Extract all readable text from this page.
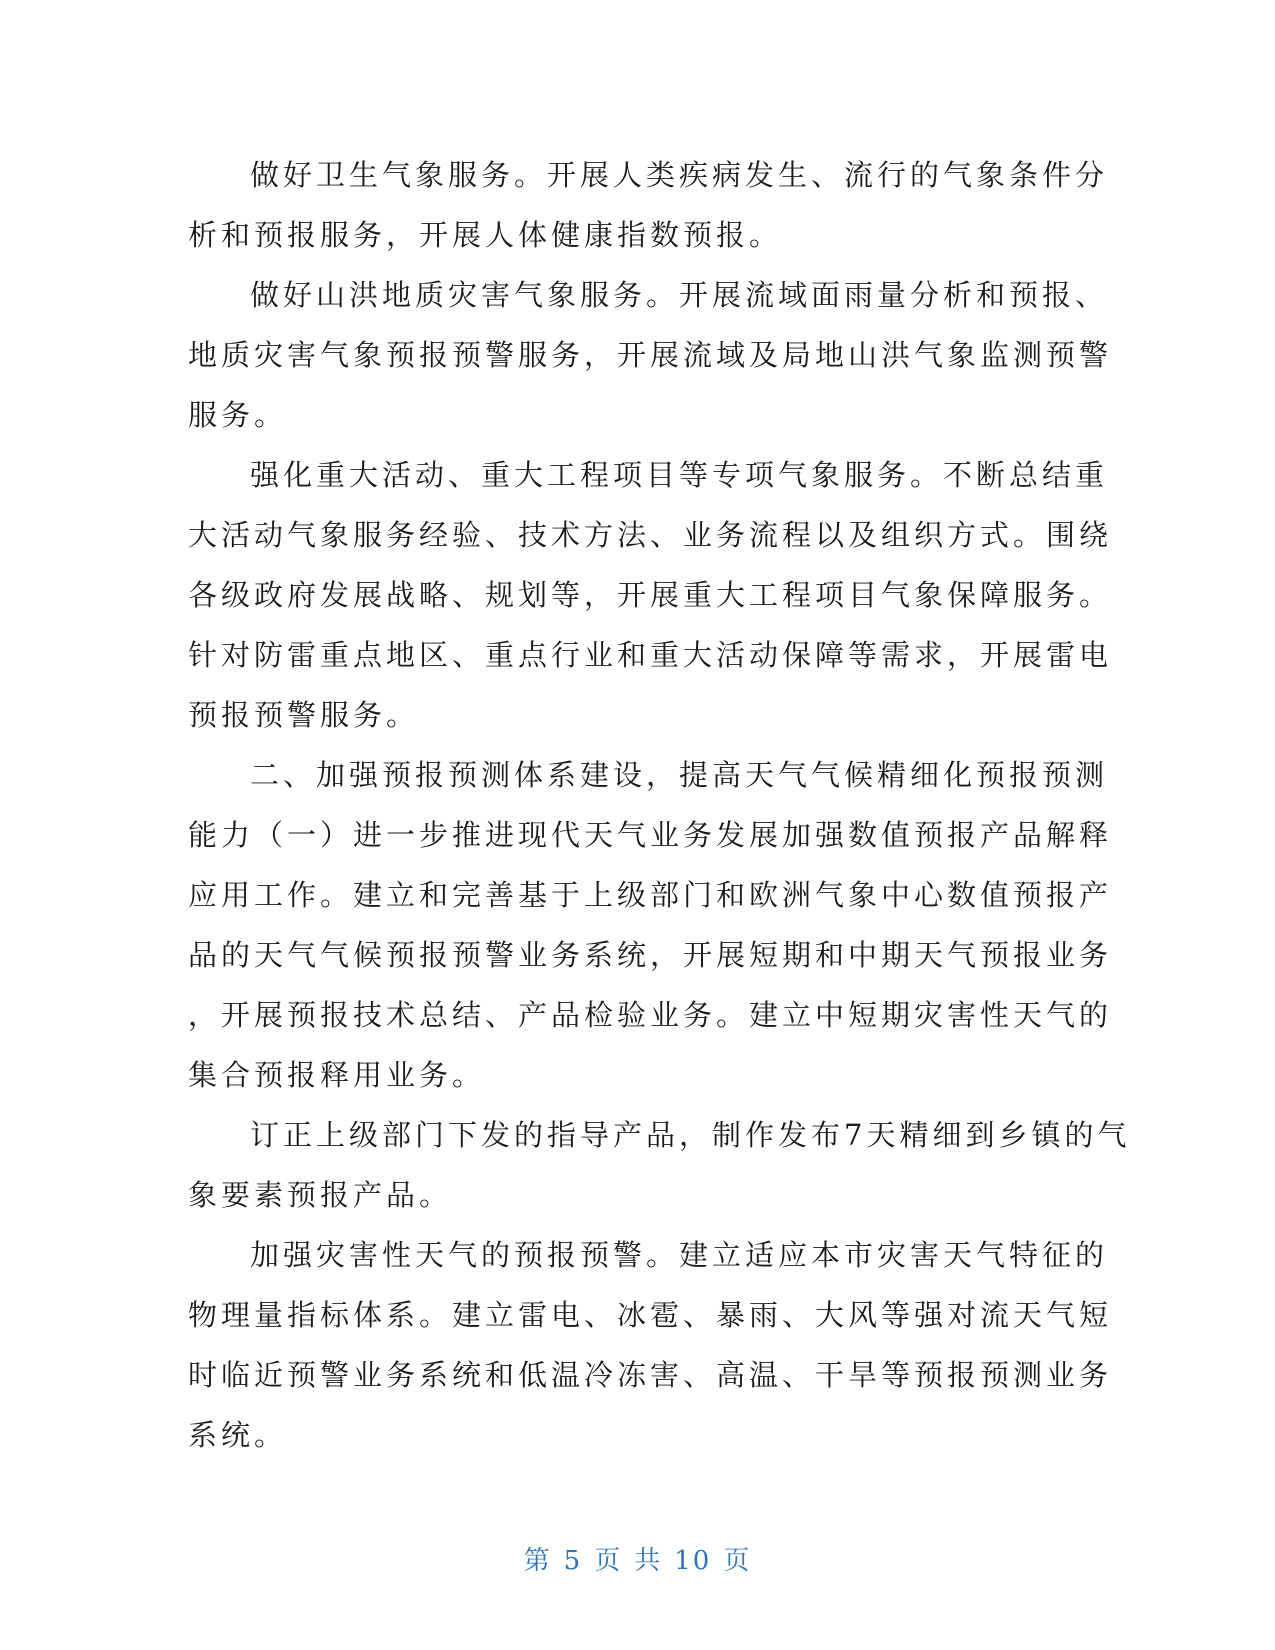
做好卫生气象服务。开展人类疾病发生、流行的气象条件分
析和预报服务，开展人体健康指数预报。
做好山洪地质灾害气象服务。开展流域面雨量分析和预报、
地质灾害气象预报预警服务，开展流域及局地山洪气象监测预警
服务。
强化重大活动、重大工程项目等专项气象服务。不断总结重
大活动气象服务经验、技术方法、业务流程以及组织方式。围绕
各级政府发展战略、规划等，开展重大工程项目气象保障服务。
针对防雷重点地区、重点行业和重大活动保障等需求，开展雷电
预报预警服务。
二、加强预报预测体系建设，提高天气气候精细化预报预测
能力（一）进一步推进现代天气业务发展加强数值预报产品解释
应用工作。建立和完善基于上级部门和欧洲气象中心数值预报产
品的天气气候预报预警业务系统，开展短期和中期天气预报业务
，开展预报技术总结、产品检验业务。建立中短期灾害性天气的
集合预报释用业务。
订正上级部门下发的指导产品，制作发布7天精细到乡镇的气
象要素预报产品。
加强灾害性天气的预报预警。建立适应本市灾害天气特征的
物理量指标体系。建立雷电、冰雹、暴雨、大风等强对流天气短
时临近预警业务系统和低温冷冻害、高温、干旱等预报预测业务
系统。
第 5 页 共 10 页
